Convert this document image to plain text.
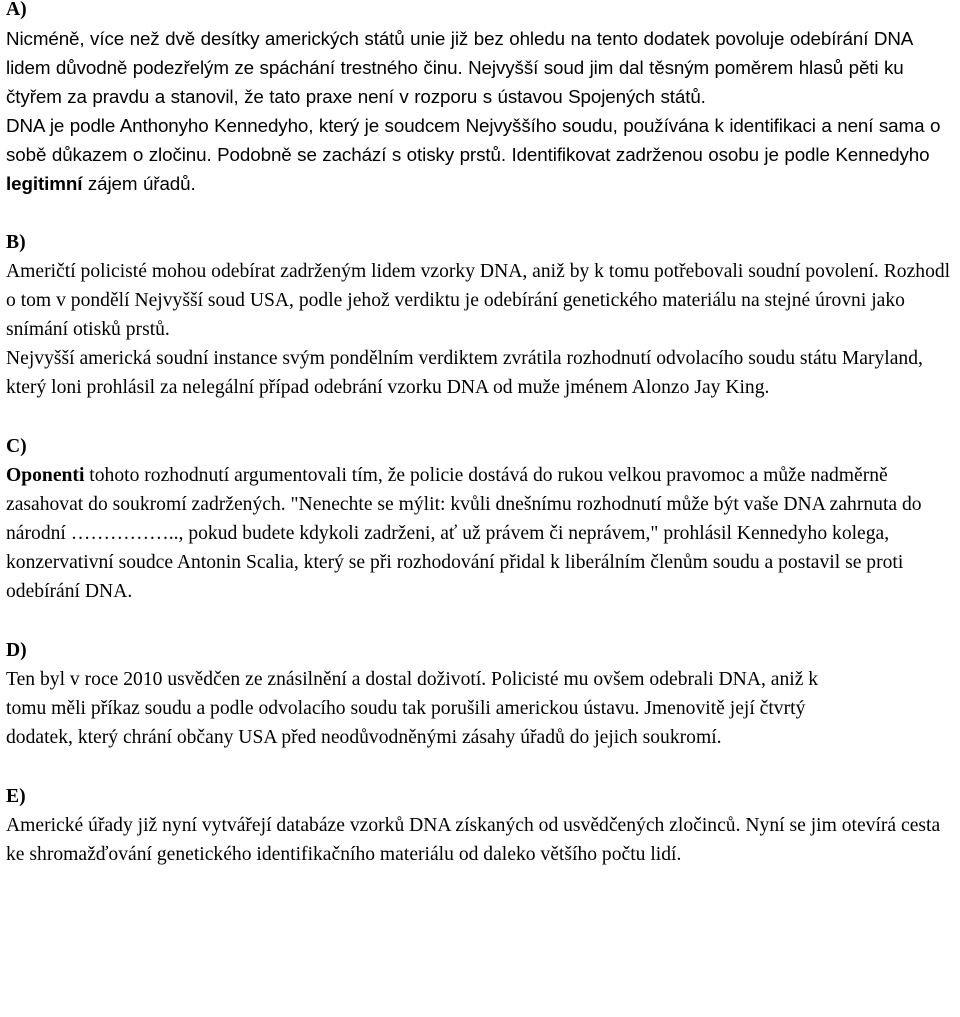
A)
Nicméně, více než dvě desítky amerických států unie již bez ohledu na tento dodatek povoluje odebírání DNA lidem důvodně podezřelým ze spáchání trestného činu. Nejvyšší soud jim dal těsným poměrem hlasů pěti ku čtyřem za pravdu a stanovil, že tato praxe není v rozporu s ústavou Spojených států.
DNA je podle Anthonyho Kennedyho, který je soudcem Nejvyššího soudu, používána k identifikaci a není sama o sobě důkazem o zločinu. Podobně se zachází s otisky prstů. Identifikovat zadrženou osobu je podle Kennedyho legitimní zájem úřadů.
B)
Američtí policisté mohou odebírat zadrženým lidem vzorky DNA, aniž by k tomu potřebovali soudní povolení. Rozhodl o tom v pondělí Nejvyšší soud USA, podle jehož verdiktu je odebírání genetického materiálu na stejné úrovni jako snímání otisků prstů.
Nejvyšší americká soudní instance svým pondělním verdiktem zvrátila rozhodnutí odvolacího soudu státu Maryland, který loni prohlásil za nelegální případ odebrání vzorku DNA od muže jménem Alonzo Jay King.
C)
Oponenti tohoto rozhodnutí argumentovali tím, že policie dostává do rukou velkou pravomoc a může nadměrně zasahovat do soukromí zadržených. "Nenechte se mýlit: kvůli dnešnímu rozhodnutí může být vaše DNA zahrnuta do národní …………….., pokud budete kdykoli zadrženi, ať už právem či neprávem," prohlásil Kennedyho kolega, konzervativní soudce Antonin Scalia, který se při rozhodování přidal k liberálním členům soudu a postavil se proti odebírání DNA.
D)
Ten byl v roce 2010 usvědčen ze znásilnění a dostal doživotí. Policisté mu ovšem odebrali DNA, aniž k tomu měli příkaz soudu a podle odvolacího soudu tak porušili americkou ústavu. Jmenovitě její čtvrtý dodatek, který chrání občany USA před neodůvodněnými zásahy úřadů do jejich soukromí.
E)
Americké úřady již nyní vytvářejí databáze vzorků DNA získaných od usvědčených zločinců. Nyní se jim otevírá cesta ke shromažďování genetického identifikačního materiálu od daleko většího počtu lidí.
